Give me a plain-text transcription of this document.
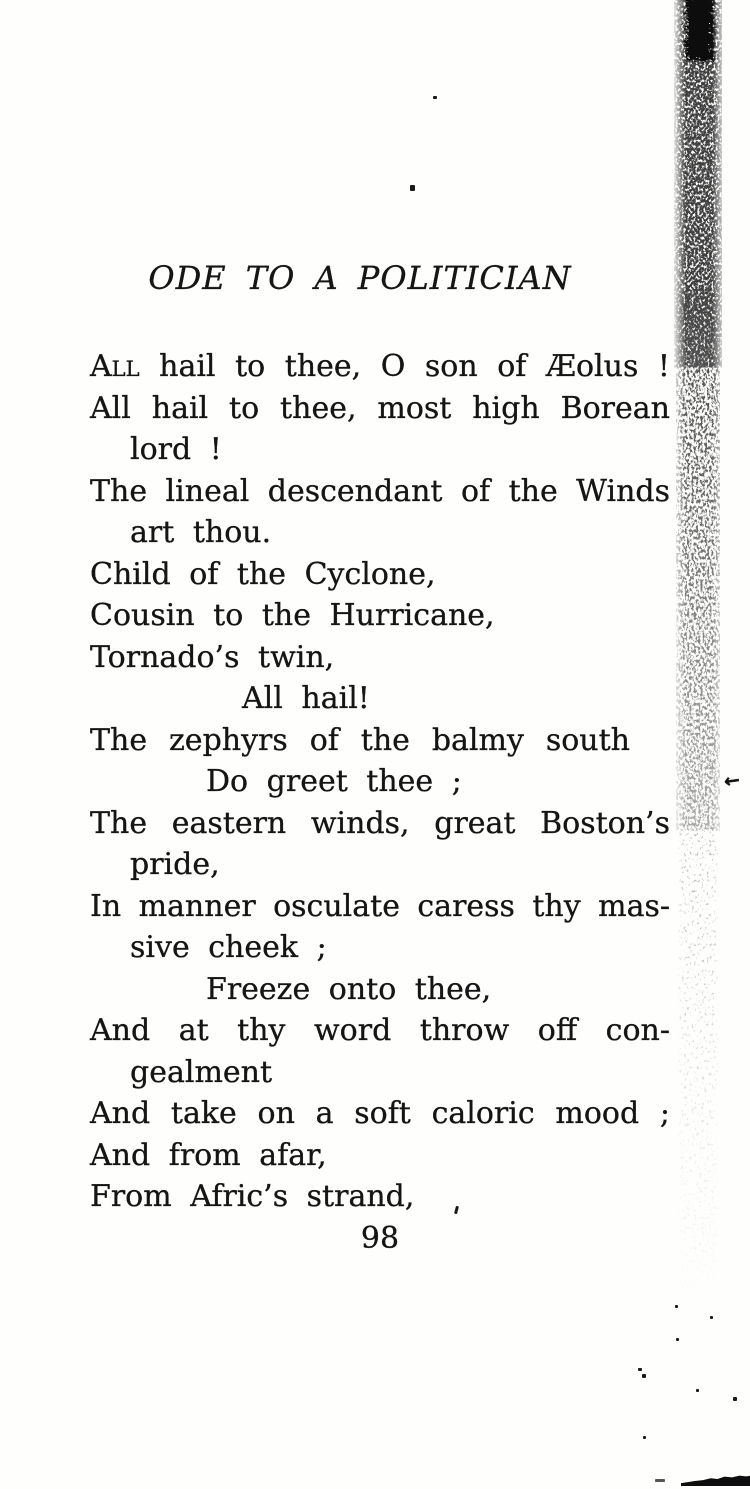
ODE TO A POLITICIAN
All hail to thee, O son of Æolus !
All hail to thee, most high Borean
lord !
The lineal descendant of the Winds
art thou.
Child of the Cyclone,
Cousin to the Hurricane,
Tornado’s twin,
All hail!
The zephyrs of the balmy south
Do greet thee ;
The eastern winds, great Boston’s
pride,
In manner osculate caress thy mas-
sive cheek ;
Freeze onto thee,
And at thy word throw off con-
gealment
And take on a soft caloric mood ;
And from afar,
From Afric’s strand,
98
←
